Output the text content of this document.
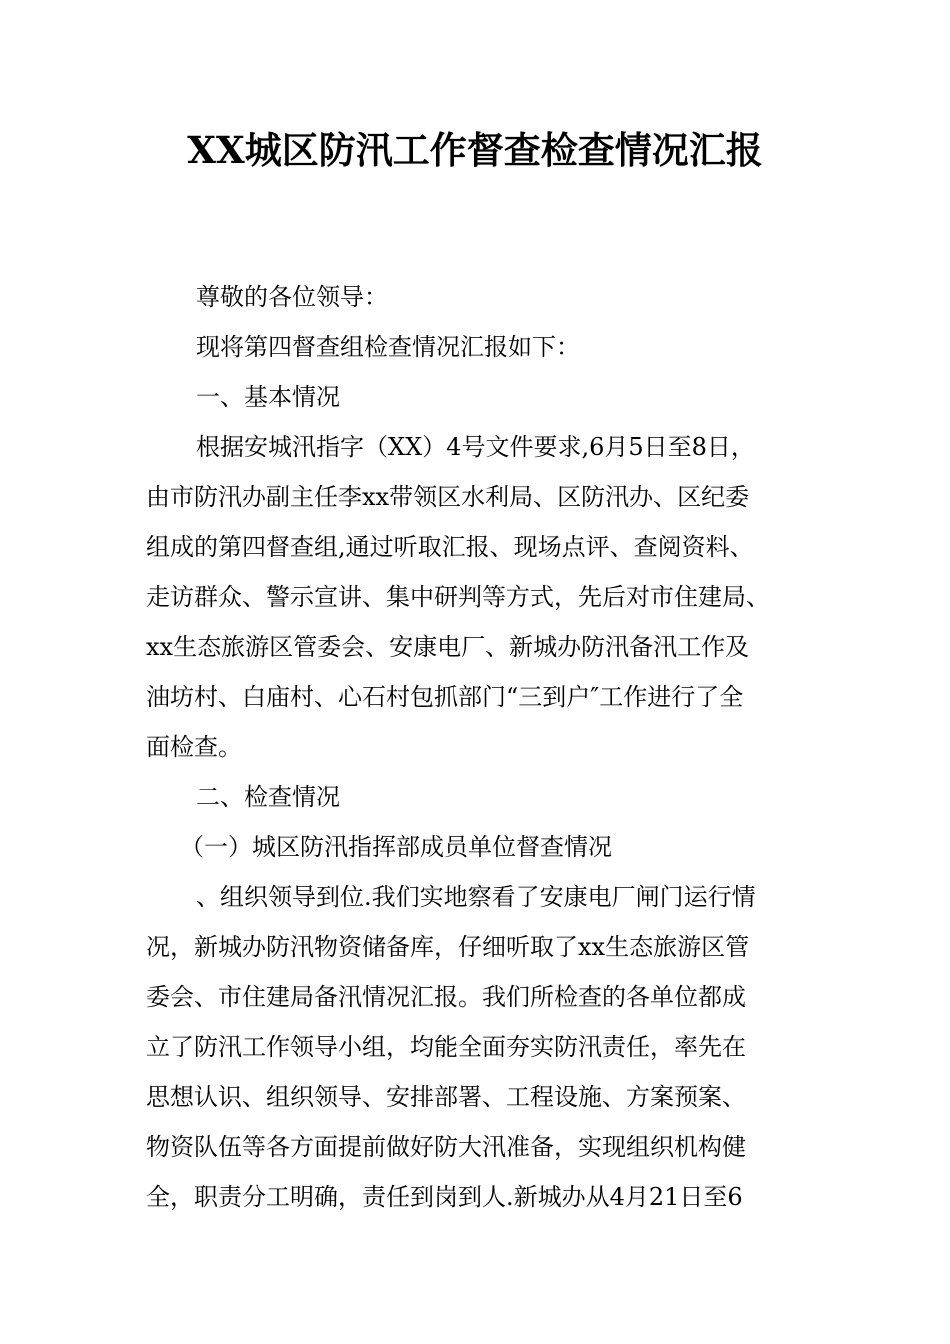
XX城区防汛工作督查检查情况汇报

尊敬的各位领导：

现将第四督查组检查情况汇报如下：

一、基本情况

根据安城汛指字（XX）4号文件要求,6月5日至8日，
由市防汛办副主任李xx带领区水利局、区防汛办、区纪委
组成的第四督查组,通过听取汇报、现场点评、查阅资料、
走访群众、警示宣讲、集中研判等方式，先后对市住建局、
xx生态旅游区管委会、安康电厂、新城办防汛备汛工作及
油坊村、白庙村、心石村包抓部门“三到户″工作进行了全
面检查。

二、检查情况

（一）城区防汛指挥部成员单位督查情况

、组织领导到位.我们实地察看了安康电厂闸门运行情
况，新城办防汛物资储备库，仔细听取了xx生态旅游区管
委会、市住建局备汛情况汇报。我们所检查的各单位都成
立了防汛工作领导小组，均能全面夯实防汛责任，率先在
思想认识、组织领导、安排部署、工程设施、方案预案、
物资队伍等各方面提前做好防大汛准备，实现组织机构健
全，职责分工明确，责任到岗到人.新城办从4月21日至6
